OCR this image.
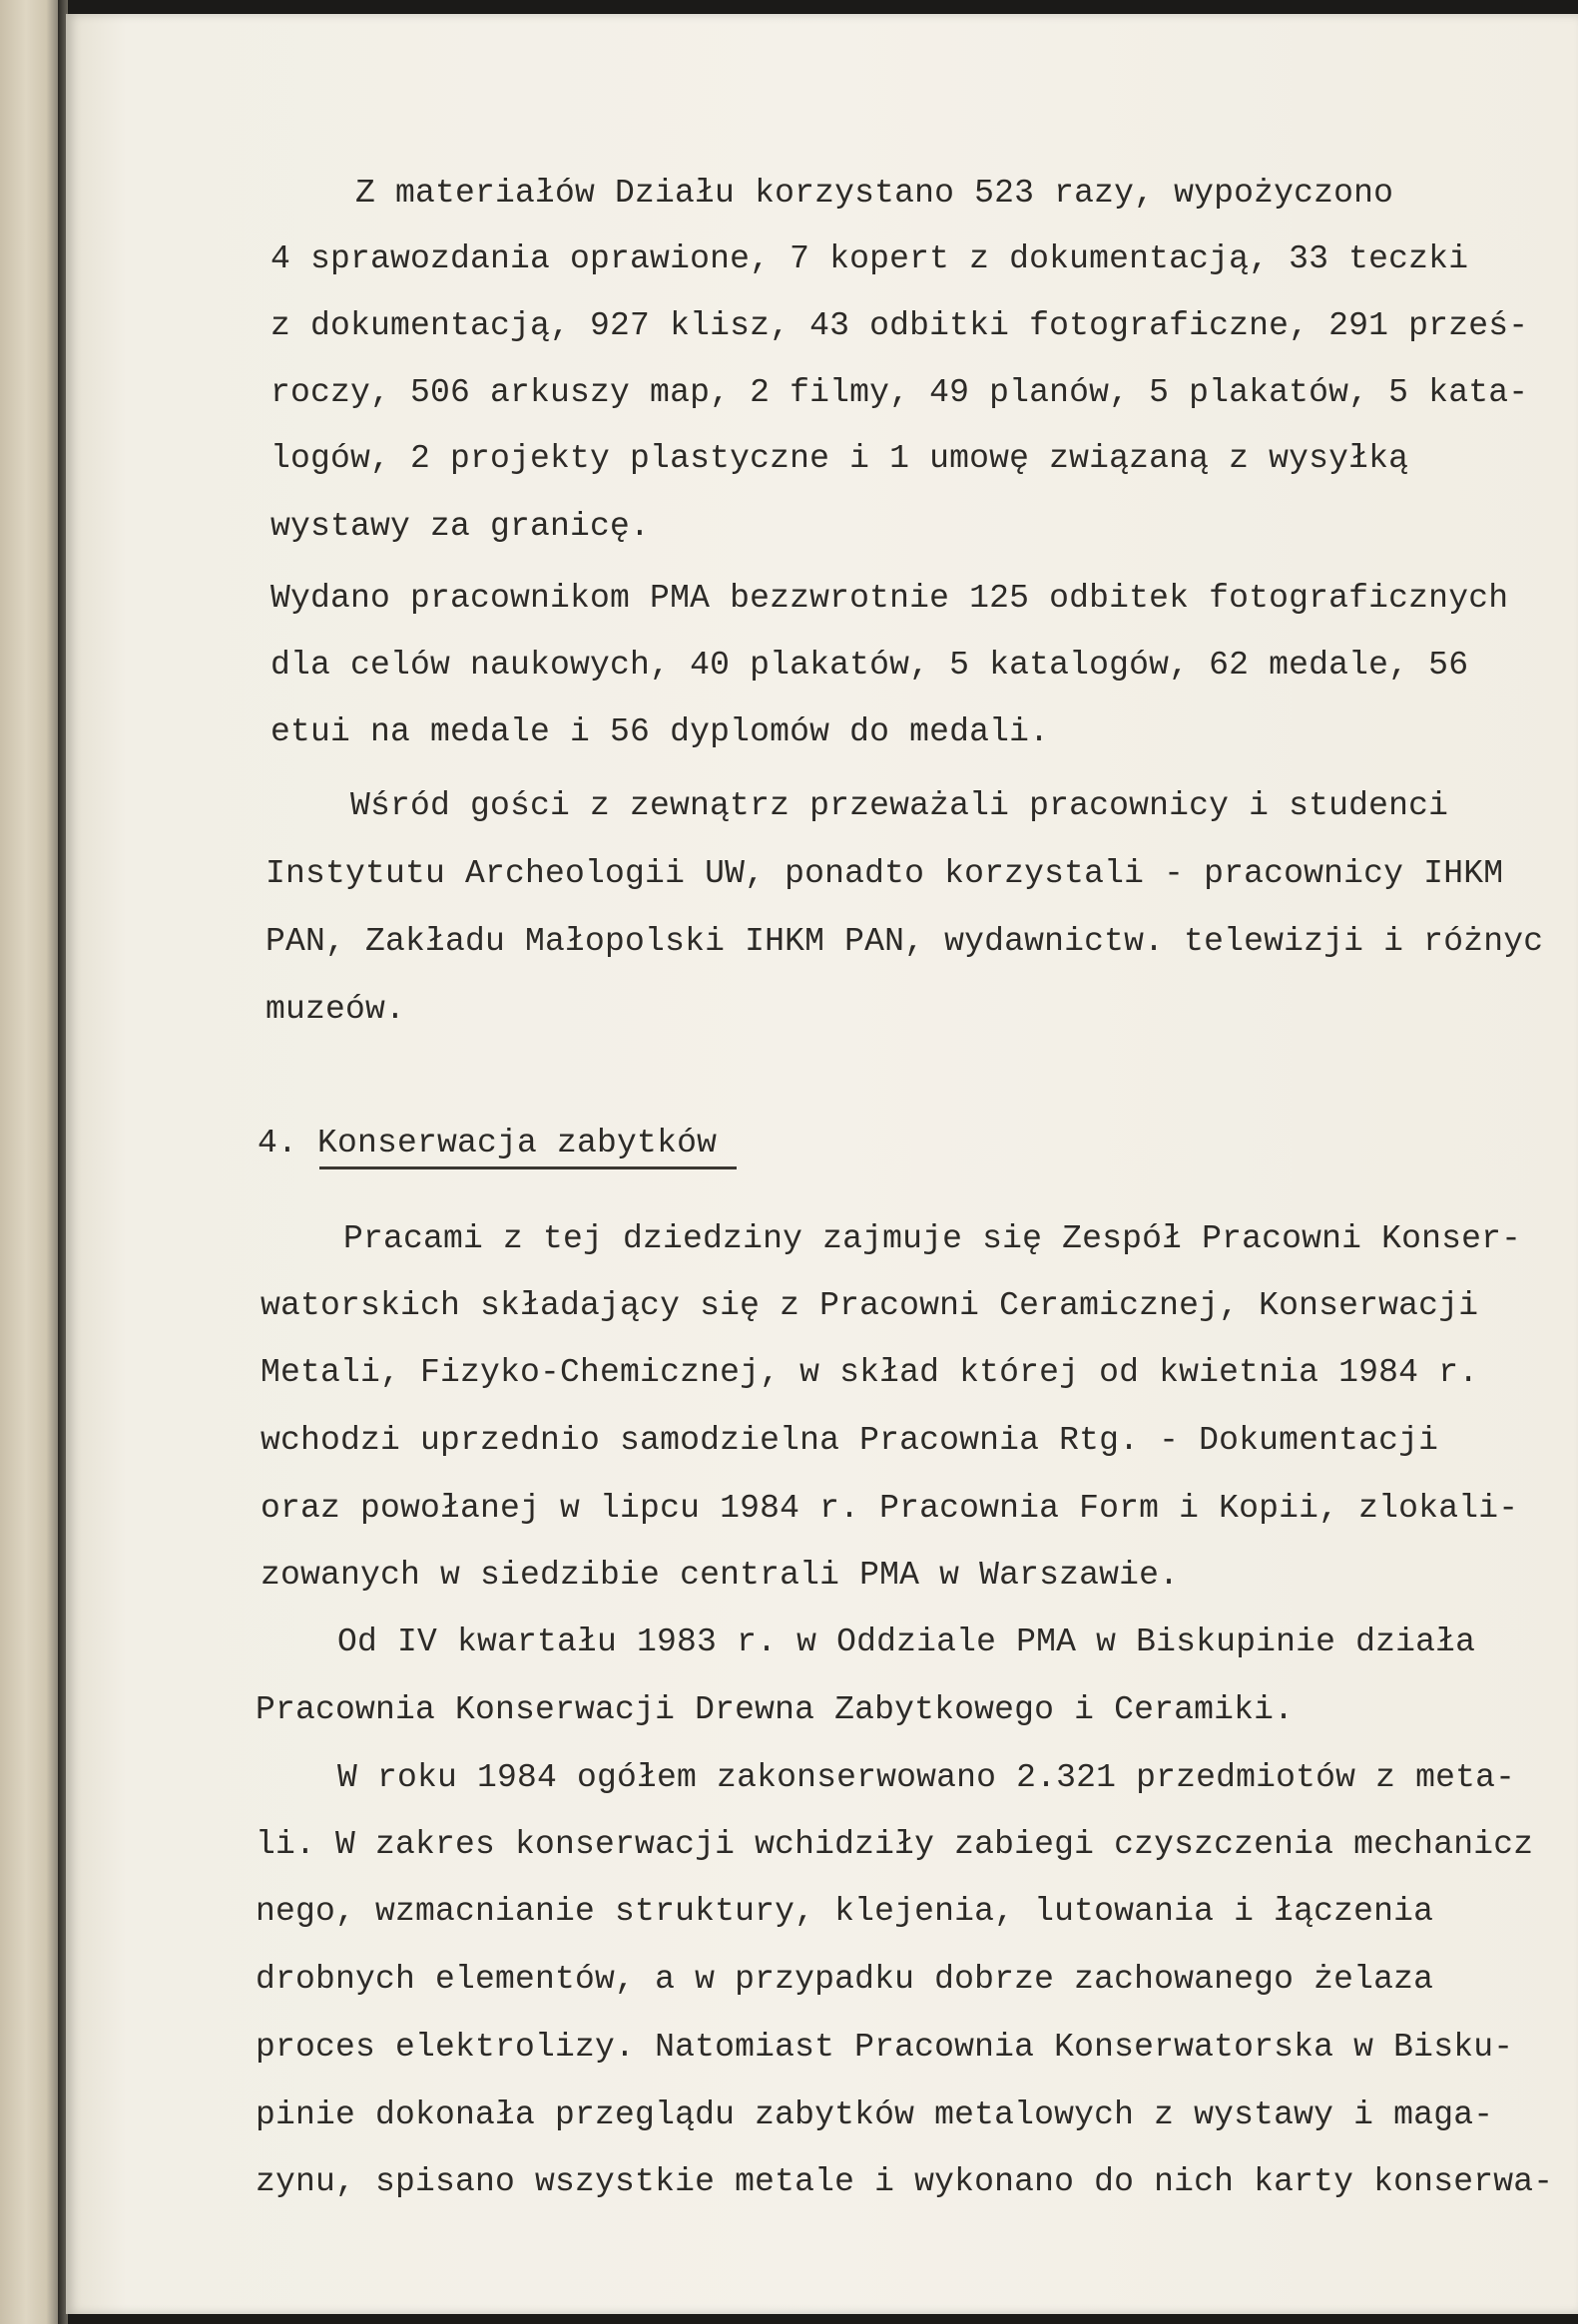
Z materiałów Działu korzystano 523 razy, wypożyczono
4 sprawozdania oprawione, 7 kopert z dokumentacją, 33 teczki
z dokumentacją, 927 klisz, 43 odbitki fotograficzne, 291 prześ-
roczy, 506 arkuszy map, 2 filmy, 49 planów, 5 plakatów, 5 kata-
logów, 2 projekty plastyczne i 1 umowę związaną z wysyłką
wystawy za granicę.
Wydano pracownikom PMA bezzwrotnie 125 odbitek fotograficznych
dla celów naukowych, 40 plakatów, 5 katalogów, 62 medale, 56
etui na medale i 56 dyplomów do medali.
Wśród gości z zewnątrz przeważali pracownicy i studenci
Instytutu Archeologii UW, ponadto korzystali - pracownicy IHKM
PAN, Zakładu Małopolski IHKM PAN, wydawnictw. telewizji i różnyc
muzeów.
4. Konserwacja zabytków
Pracami z tej dziedziny zajmuje się Zespół Pracowni Konser-
watorskich składający się z Pracowni Ceramicznej, Konserwacji
Metali, Fizyko-Chemicznej, w skład której od kwietnia 1984 r.
wchodzi uprzednio samodzielna Pracownia Rtg. - Dokumentacji
oraz powołanej w lipcu 1984 r. Pracownia Form i Kopii, zlokali-
zowanych w siedzibie centrali PMA w Warszawie.
Od IV kwartału 1983 r. w Oddziale PMA w Biskupinie działa
Pracownia Konserwacji Drewna Zabytkowego i Ceramiki.
W roku 1984 ogółem zakonserwowano 2.321 przedmiotów z meta-
li. W zakres konserwacji wchidziły zabiegi czyszczenia mechanicz
nego, wzmacnianie struktury, klejenia, lutowania i łączenia
drobnych elementów, a w przypadku dobrze zachowanego żelaza
proces elektrolizy. Natomiast Pracownia Konserwatorska w Bisku-
pinie dokonała przeglądu zabytków metalowych z wystawy i maga-
zynu, spisano wszystkie metale i wykonano do nich karty konserwa-
